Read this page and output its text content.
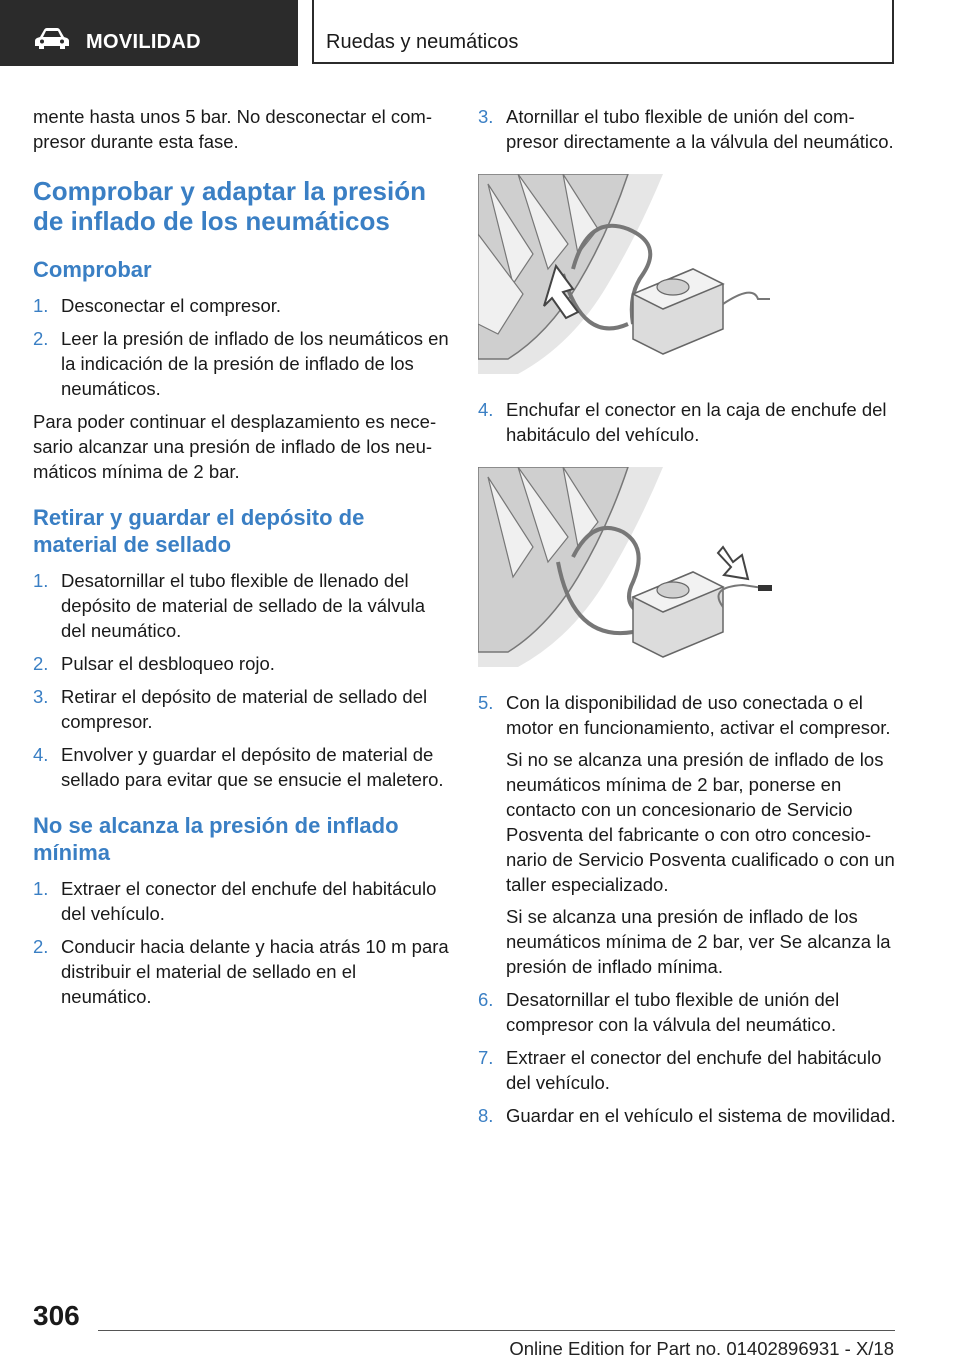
MOVILIDAD	Ruedas y neumáticos

mente hasta unos 5 bar. No desconectar el compresor durante esta fase.

Comprobar y adaptar la presión de inflado de los neumáticos
Comprobar
1. Desconectar el compresor.
2. Leer la presión de inflado de los neumáticos en la indicación de la presión de inflado de los neumáticos.

Para poder continuar el desplazamiento es necesario alcanzar una presión de inflado de los neumáticos mínima de 2 bar.

Retirar y guardar el depósito de material de sellado
1. Desatornillar el tubo flexible de llenado del depósito de material de sellado de la válvula del neumático.
2. Pulsar el desbloqueo rojo.
3. Retirar el depósito de material de sellado del compresor.
4. Envolver y guardar el depósito de material de sellado para evitar que se ensucie el maletero.
No se alcanza la presión de inflado mínima
1. Extraer el conector del enchufe del habitáculo del vehículo.
2. Conducir hacia delante y hacia atrás 10 m para distribuir el material de sellado en el neumático.
3. Atornillar el tubo flexible de unión del compresor directamente a la válvula del neumático.
4. Enchufar el conector en la caja de enchufe del habitáculo del vehículo.
5. Con la disponibilidad de uso conectada o el motor en funcionamiento, activar el compresor.
Si no se alcanza una presión de inflado de los neumáticos mínima de 2 bar, ponerse en contacto con un concesionario de Servicio Posventa del fabricante o con otro concesionario de Servicio Posventa cualificado o con un taller especializado.
Si se alcanza una presión de inflado de los neumáticos mínima de 2 bar, ver Se alcanza la presión de inflado mínima.
6. Desatornillar el tubo flexible de unión del compresor con la válvula del neumático.
7. Extraer el conector del enchufe del habitáculo del vehículo.
8. Guardar en el vehículo el sistema de movilidad.
306
Online Edition for Part no. 01402896931 - X/18
